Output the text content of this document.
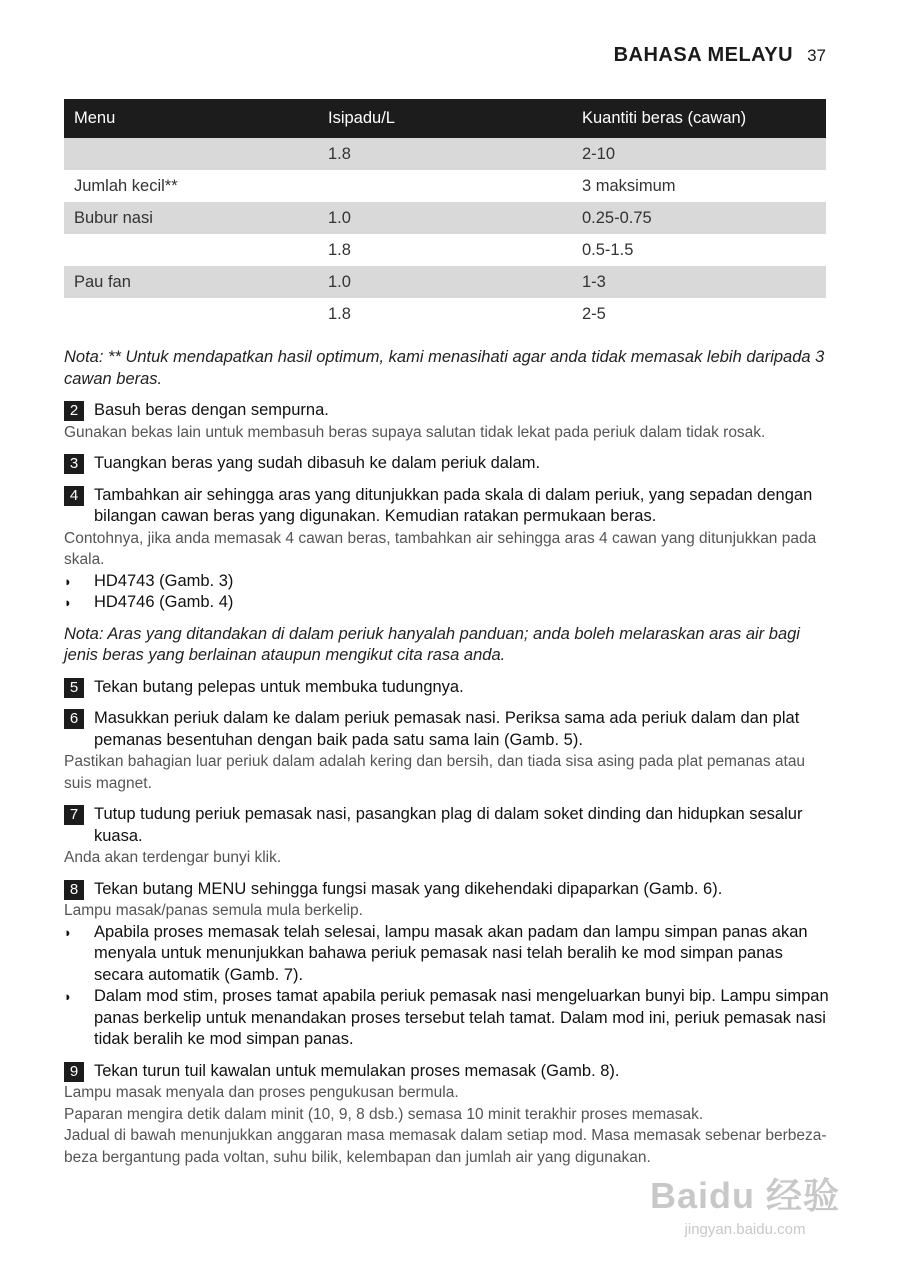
BAHASA MELAYU 37
Menu	Isipadu/L	Kuantiti beras (cawan)
	1.8	2-10
Jumlah kecil**		3 maksimum
Bubur nasi	1.0	0.25-0.75
	1.8	0.5-1.5
Pau fan	1.0	1-3
	1.8	2-5

Nota: ** Untuk mendapatkan hasil optimum, kami menasihati agar anda tidak memasak lebih daripada 3 cawan beras.

2 Basuh beras dengan sempurna.
Gunakan bekas lain untuk membasuh beras supaya salutan tidak lekat pada periuk dalam tidak rosak.
3 Tuangkan beras yang sudah dibasuh ke dalam periuk dalam.
4 Tambahkan air sehingga aras yang ditunjukkan pada skala di dalam periuk, yang sepadan dengan bilangan cawan beras yang digunakan. Kemudian ratakan permukaan beras.
Contohnya, jika anda memasak 4 cawan beras, tambahkan air sehingga aras 4 cawan yang ditunjukkan pada skala.
◗	HD4743 (Gamb. 3)
◗	HD4746 (Gamb. 4)

Nota: Aras yang ditandakan di dalam periuk hanyalah panduan; anda boleh melaraskan aras air bagi jenis beras yang berlainan ataupun mengikut cita rasa anda.

5 Tekan butang pelepas untuk membuka tudungnya.
6 Masukkan periuk dalam ke dalam periuk pemasak nasi. Periksa sama ada periuk dalam dan plat pemanas besentuhan dengan baik pada satu sama lain (Gamb. 5).
Pastikan bahagian luar periuk dalam adalah kering dan bersih, dan tiada sisa asing pada plat pemanas atau suis magnet.
7 Tutup tudung periuk pemasak nasi, pasangkan plag di dalam soket dinding dan hidupkan sesalur kuasa.
Anda akan terdengar bunyi klik.
8 Tekan butang MENU sehingga fungsi masak yang dikehendaki dipaparkan (Gamb. 6).
Lampu masak/panas semula mula berkelip.
◗	Apabila proses memasak telah selesai, lampu masak akan padam dan lampu simpan panas akan menyala untuk menunjukkan bahawa periuk pemasak nasi telah beralih ke mod simpan panas secara automatik (Gamb. 7).
◗	Dalam mod stim, proses tamat apabila periuk pemasak nasi mengeluarkan bunyi bip. Lampu simpan panas berkelip untuk menandakan proses tersebut telah tamat. Dalam mod ini, periuk pemasak nasi tidak beralih ke mod simpan panas.
9 Tekan turun tuil kawalan untuk memulakan proses memasak (Gamb. 8).
Lampu masak menyala dan proses pengukusan bermula.
Paparan mengira detik dalam minit (10, 9, 8 dsb.) semasa 10 minit terakhir proses memasak.
Jadual di bawah menunjukkan anggaran masa memasak dalam setiap mod. Masa memasak sebenar berbeza-beza bergantung pada voltan, suhu bilik, kelembapan dan jumlah air yang digunakan.
Baidu 经验
jingyan.baidu.com
